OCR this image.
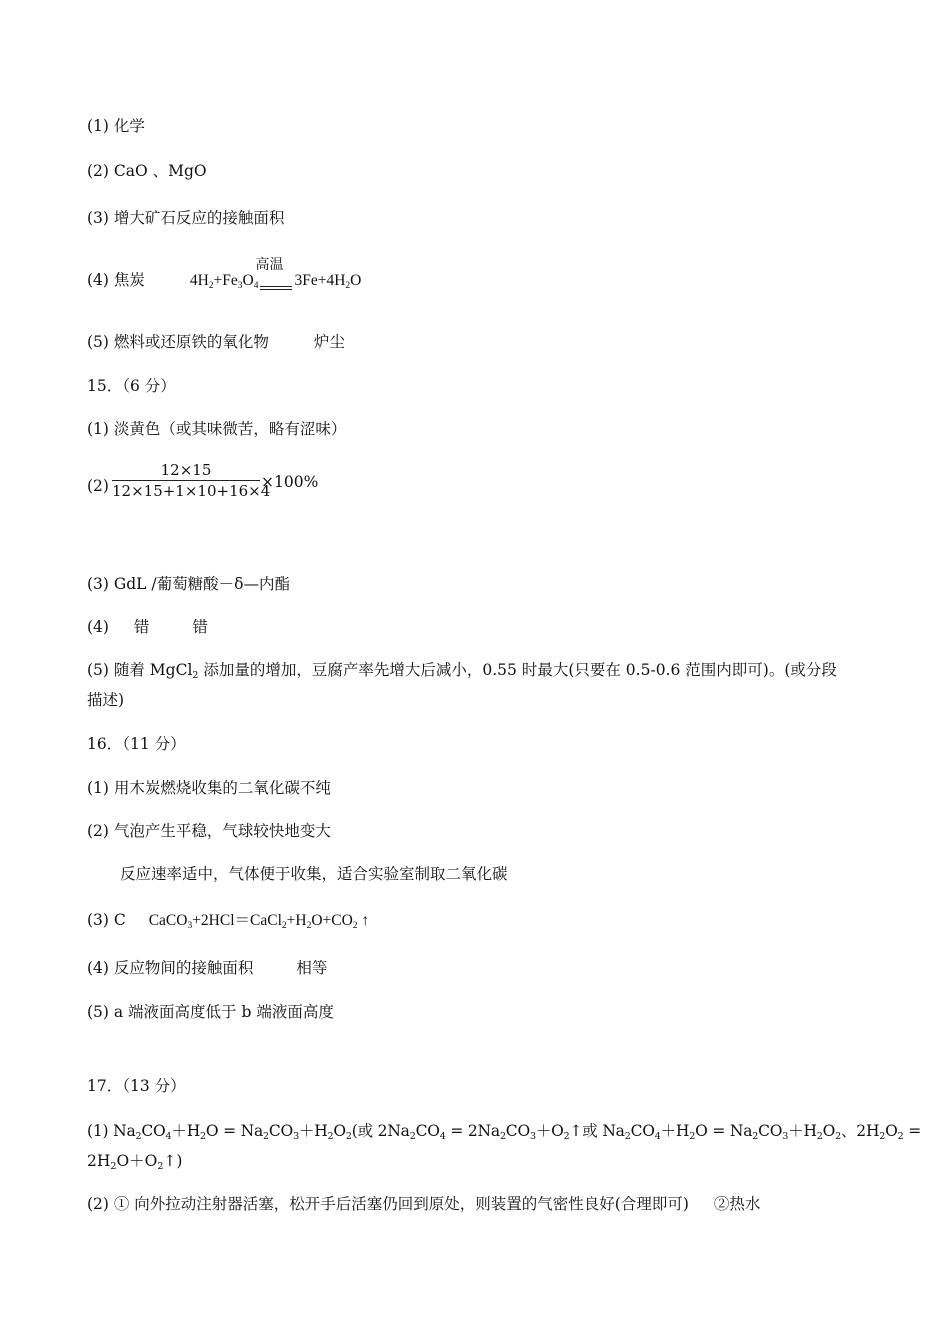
(1) 化学
(2) CaO 、MgO
(3) 增大矿石反应的接触面积
(4) 焦炭	$4H_2+Fe_3O_4$
高温
$3Fe+4H_2O$
(5) 燃料或还原铁的氧化物	炉尘
15．（6 分）
(1) 淡黄色（或其味微苦，略有涩味）
(2)
12×15
12×15+1×10+16×4
×100%
(3) GdL /葡萄糖酸－δ—内酯
(4) 错	错
(5) 随着 MgCl$_2$ 添加量的增加，豆腐产率先增大后减小，0.55 时最大(只要在 0.5-0.6 范围内即可)。(或分段
描述)
16．（11 分）
(1) 用木炭燃烧收集的二氧化碳不纯
(2) 气泡产生平稳，气球较快地变大
反应速率适中，气体便于收集，适合实验室制取二氧化碳
(3) C $CaCO_3+2HCl=CaCl_2+H_2O+CO_2$ ↑
(4) 反应物间的接触面积	相等
(5) a 端液面高度低于 b 端液面高度
17．（13 分）
(1) $Na_2CO_4+H_2O = Na_2CO_3+H_2O_2$(或 $2Na_2CO_4$ = $2Na_2CO_3+O_2↑$或 $Na_2CO_4+H_2O = Na_2CO_3+H_2O_2$、$2H_2O_2$ =
$2H_2O+O_2↑$)
(2) ① 向外拉动注射器活塞，松开手后活塞仍回到原处，则装置的气密性良好(合理即可) ②热水
